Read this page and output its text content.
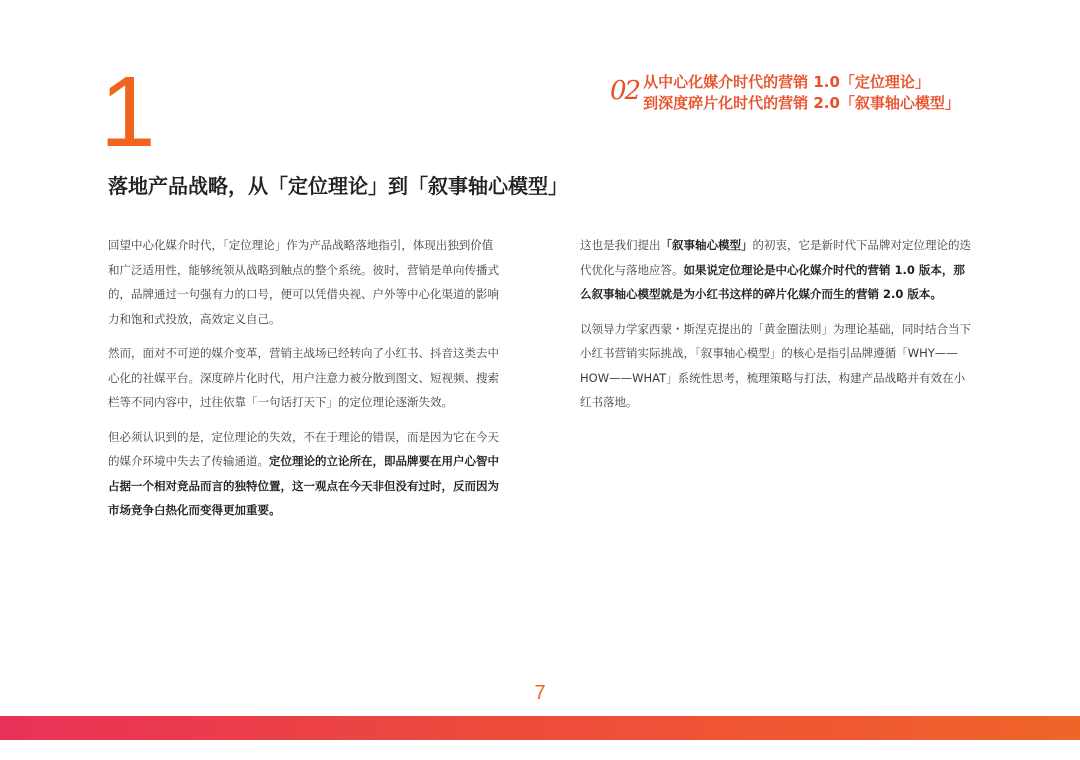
1	02 从中心化媒介时代的营销 1.0「定位理论」
到深度碎片化时代的营销 2.0「叙事轴心模型」
落地产品战略，从「定位理论」到「叙事轴心模型」

回望中心化媒介时代，「定位理论」作为产品战略落地指引，体现出独到价值和广泛适用性，能够统领从战略到触点的整个系统。彼时，营销是单向传播式的，品牌通过一句强有力的口号，便可以凭借央视、户外等中心化渠道的影响力和饱和式投放，高效定义自己。

然而，面对不可逆的媒介变革，营销主战场已经转向了小红书、抖音这类去中心化的社媒平台。深度碎片化时代，用户注意力被分散到图文、短视频、搜索栏等不同内容中，过往依靠「一句话打天下」的定位理论逐渐失效。

但必须认识到的是，定位理论的失效，不在于理论的错误，而是因为它在今天的媒介环境中失去了传输通道。定位理论的立论所在，即品牌要在用户心智中占据一个相对竞品而言的独特位置，这一观点在今天非但没有过时，反而因为市场竞争白热化而变得更加重要。

这也是我们提出「叙事轴心模型」的初衷，它是新时代下品牌对定位理论的迭代优化与落地应答。如果说定位理论是中心化媒介时代的营销 1.0 版本，那么叙事轴心模型就是为小红书这样的碎片化媒介而生的营销 2.0 版本。

以领导力学家西蒙・斯涅克提出的「黄金圈法则」为理论基础，同时结合当下小红书营销实际挑战，「叙事轴心模型」的核心是指引品牌遵循「WHY——HOW——WHAT」系统性思考，梳理策略与打法，构建产品战略并有效在小红书落地。

7
